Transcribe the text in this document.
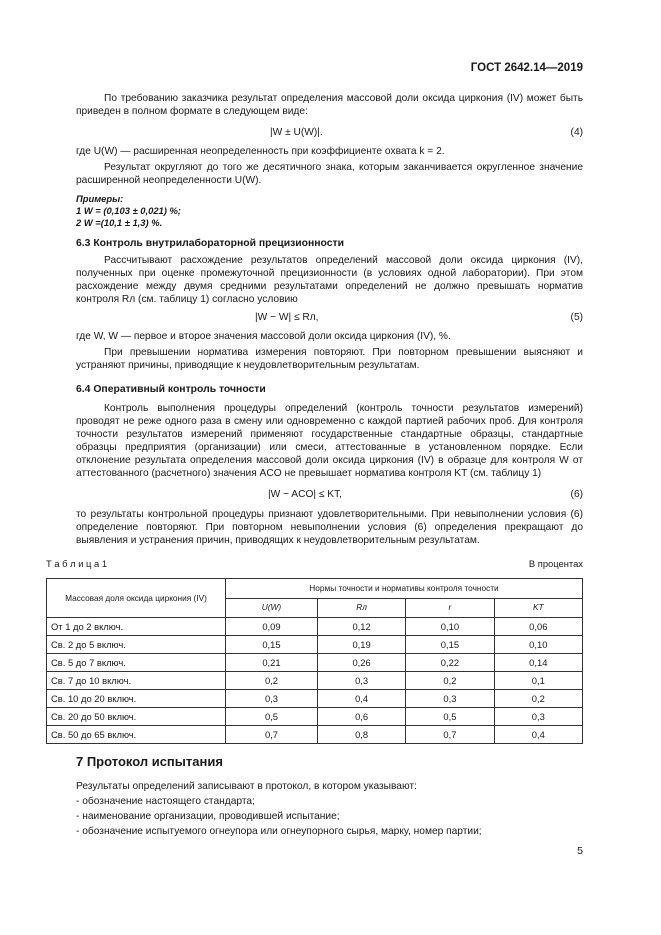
ГОСТ 2642.14—2019
По требованию заказчика результат определения массовой доли оксида циркония (IV) может быть приведен в полном формате в следующем виде:
|W ± U(W)|.	(4)
где U(W) — расширенная неопределенность при коэффициенте охвата k = 2.
Результат округляют до того же десятичного знака, которым заканчивается округленное значение расширенной неопределенности U(W).
Примеры:
1 W = (0,103 ± 0,021) %;
2 W =(10,1 ± 1,3) %.
6.3 Контроль внутрилабораторной прецизионности
Рассчитывают расхождение результатов определений массовой доли оксида циркония (IV), полученных при оценке промежуточной прецизионности (в условиях одной лаборатории). При этом расхождение между двумя средними результатами определений не должно превышать норматив контроля Rл (см. таблицу 1) согласно условию
|W − W| ≤ Rл,	(5)
где W, W — первое и второе значения массовой доли оксида циркония (IV), %.
При превышении норматива измерения повторяют. При повторном превышении выясняют и устраняют причины, приводящие к неудовлетворительным результатам.
6.4 Оперативный контроль точности
Контроль выполнения процедуры определений (контроль точности результатов измерений) проводят не реже одного раза в смену или одновременно с каждой партией рабочих проб. Для контроля точности результатов измерений применяют государственные стандартные образцы, стандартные образцы предприятия (организации) или смеси, аттестованные в установленном порядке. Если отклонение результата определения массовой доли оксида циркония (IV) в образце для контроля W от аттестованного (расчетного) значения ACO не превышает норматива контроля KT (см. таблицу 1)
|W − ACO| ≤ KT,	(6)
то результаты контрольной процедуры признают удовлетворительными. При невыполнении условия (6) определение повторяют. При повторном невыполнении условия (6) определения прекращают до выявления и устранения причин, приводящих к неудовлетворительным результатам.
Т а б л и ц а 1	В процентах
Массовая доля оксида циркония (IV)	Нормы точности и нормативы контроля точности			
	U(W)	Rл	r	KT
От 1 до 2 включ.	0,09	0,12	0,10	0,06
Св. 2 до 5 включ.	0,15	0,19	0,15	0,10
Св. 5 до 7 включ.	0,21	0,26	0,22	0,14
Св. 7 до 10 включ.	0,2	0,3	0,2	0,1
Св. 10 до 20 включ.	0,3	0,4	0,3	0,2
Св. 20 до 50 включ.	0,5	0,6	0,5	0,3
Св. 50 до 65 включ.	0,7	0,8	0,7	0,4
7 Протокол испытания
Результаты определений записывают в протокол, в котором указывают:
- обозначение настоящего стандарта;
- наименование организации, проводившей испытание;
- обозначение испытуемого огнеупора или огнеупорного сырья, марку, номер партии;
5
